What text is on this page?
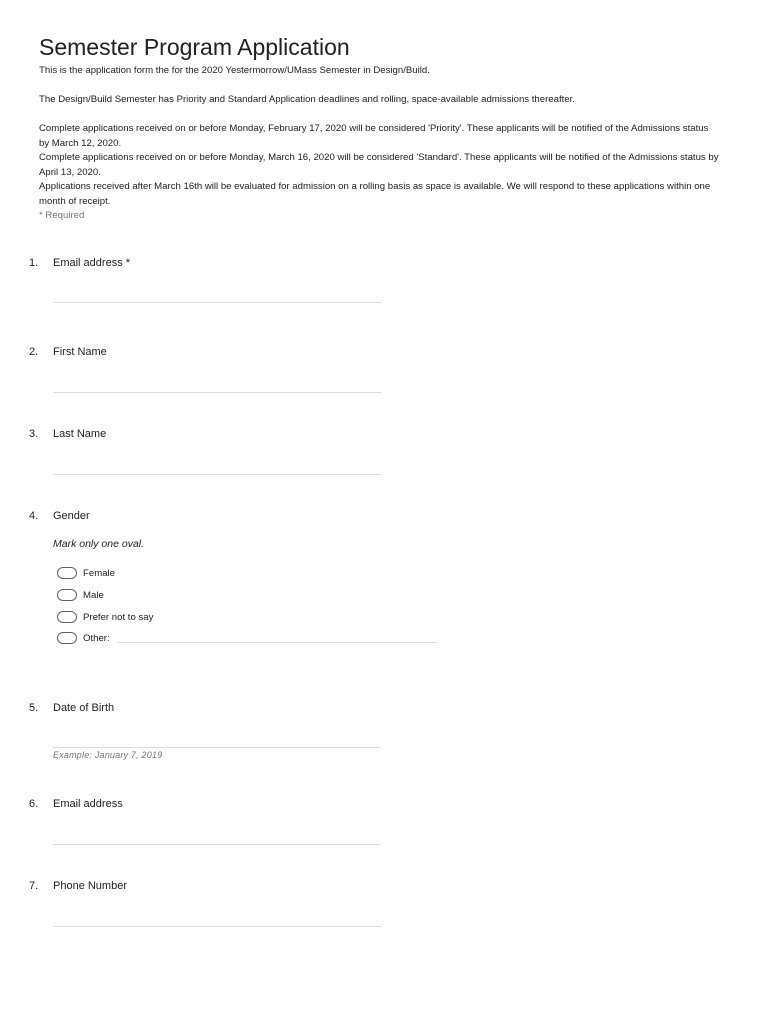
Semester Program Application

This is the application form the for the 2020 Yestermorrow/UMass Semester in Design/Build.

The Design/Build Semester has Priority and Standard Application deadlines and rolling, space-available admissions thereafter.

Complete applications received on or before Monday, February 17, 2020 will be considered 'Priority'. These applicants will be notified of the Admissions status by March 12, 2020.

Complete applications received on or before Monday, March 16, 2020 will be considered 'Standard'. These applicants will be notified of the Admissions status by April 13, 2020.

Applications received after March 16th will be evaluated for admission on a rolling basis as space is available. We will respond to these applications within one month of receipt.

* Required

1. Email address *
2. First Name
3. Last Name
4. Gender
Mark only one oval.
Female
Male
Prefer not to say
Other:
5. Date of Birth
Example: January 7, 2019
6. Email address
7. Phone Number
